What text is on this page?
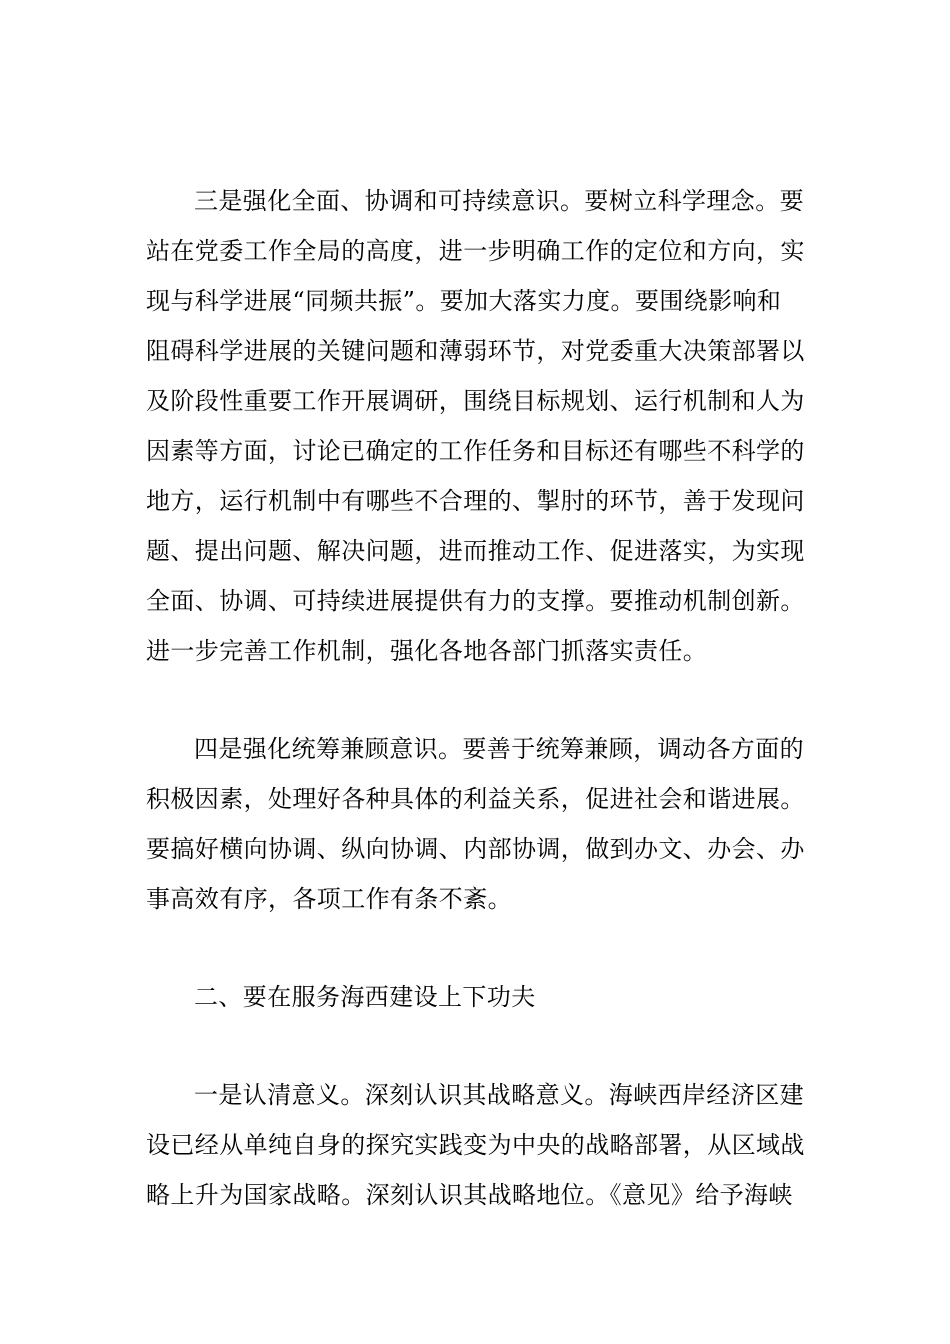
三是强化全面、协调和可持续意识。要树立科学理念。要
站在党委工作全局的高度，进一步明确工作的定位和方向，实
现与科学进展“同频共振”。要加大落实力度。要围绕影响和
阻碍科学进展的关键问题和薄弱环节，对党委重大决策部署以
及阶段性重要工作开展调研，围绕目标规划、运行机制和人为
因素等方面，讨论已确定的工作任务和目标还有哪些不科学的
地方，运行机制中有哪些不合理的、掣肘的环节，善于发现问
题、提出问题、解决问题，进而推动工作、促进落实，为实现
全面、协调、可持续进展提供有力的支撑。要推动机制创新。
进一步完善工作机制，强化各地各部门抓落实责任。
四是强化统筹兼顾意识。要善于统筹兼顾，调动各方面的
积极因素，处理好各种具体的利益关系，促进社会和谐进展。
要搞好横向协调、纵向协调、内部协调，做到办文、办会、办
事高效有序，各项工作有条不紊。
二、要在服务海西建设上下功夫
一是认清意义。深刻认识其战略意义。海峡西岸经济区建
设已经从单纯自身的探究实践变为中央的战略部署，从区域战
略上升为国家战略。深刻认识其战略地位。《意见》给予海峡
